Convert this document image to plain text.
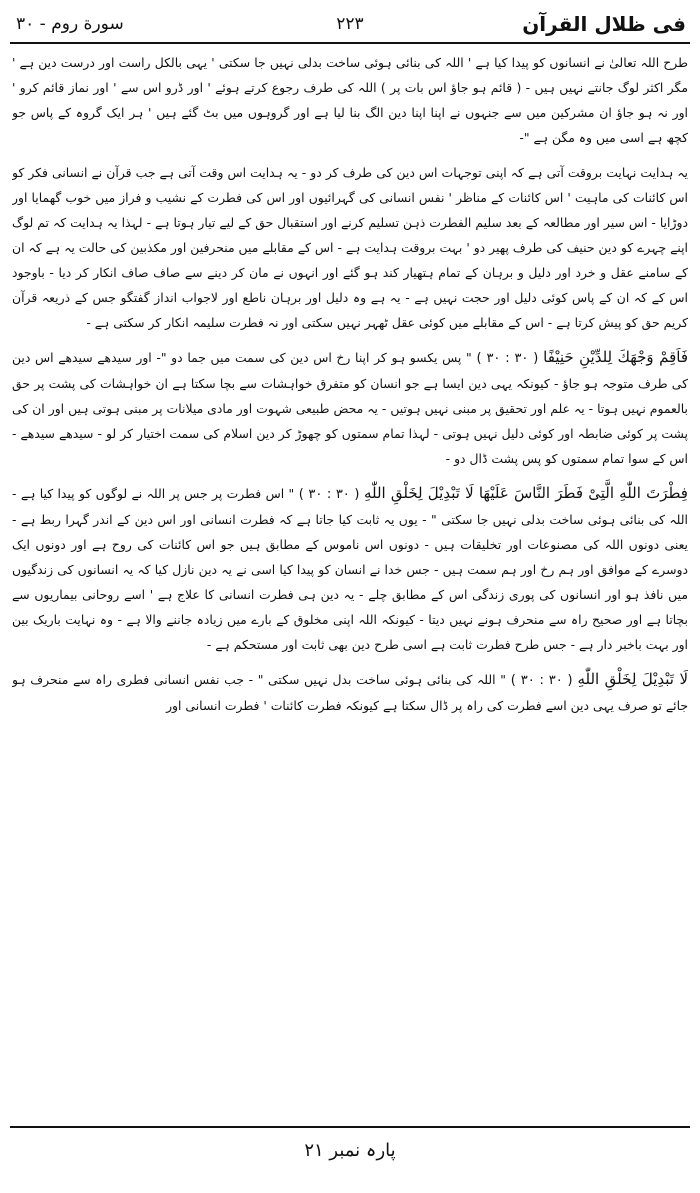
فی ظلال القرآن
۲۲۳
سورة روم - ۳۰

طرح اللہ تعالیٰ نے انسانوں کو پیدا کیا ہے ' اللہ کی بنائی ہوئی ساخت بدلی نہیں جا سکتی ' یہی بالکل راست اور درست دین ہے ' مگر اکثر لوگ جانتے نہیں ہیں - ( قائم ہو جاؤ اس بات پر ) اللہ کی طرف رجوع کرتے ہوئے ' اور ڈرو اس سے ' اور نماز قائم کرو ' اور نہ ہو جاؤ ان مشرکین میں سے جنہوں نے اپنا اپنا دین الگ بنا لیا ہے اور گروہوں میں بٹ گئے ہیں ' ہر ایک گروہ کے پاس جو کچھ ہے اسی میں وہ مگن ہے "-

یہ ہدایت نہایت بروقت آتی ہے کہ اپنی توجہات اس دین کی طرف کر دو - یہ ہدایت اس وقت آتی ہے جب قرآن نے انسانی فکر کو اس کائنات کی ماہیت ' اس کائنات کے مناظر ' نفس انسانی کی گہرائیوں اور اس کی فطرت کے نشیب و فراز میں خوب گھمایا اور دوڑایا - اس سیر اور مطالعہ کے بعد سلیم الفطرت ذہن تسلیم کرنے اور استقبال حق کے لیے تیار ہوتا ہے - لہذا یہ ہدایت کہ تم لوگ اپنے چہرے کو دین حنیف کی طرف پھیر دو ' بہت بروقت ہدایت ہے - اس کے مقابلے میں منحرفین اور مکذبین کی حالت یہ ہے کہ ان کے سامنے عقل و خرد اور دلیل و برہان کے تمام ہتھیار کند ہو گئے اور انہوں نے مان کر دینے سے صاف صاف انکار کر دیا - باوجود اس کے کہ ان کے پاس کوئی دلیل اور حجت نہیں ہے - یہ ہے وہ دلیل اور برہان ناطع اور لاجواب انداز گفتگو جس کے ذریعہ قرآن کریم حق کو پیش کرتا ہے - اس کے مقابلے میں کوئی عقل ٹھہر نہیں سکتی اور نہ فطرت سلیمہ انکار کر سکتی ہے -

فَاَقِمْ وَجْهَكَ لِلدِّيْنِ حَنِيْفًا ( ۳۰ : ۳۰ ) " پس یکسو ہو کر اپنا رخ اس دین کی سمت میں جما دو "- اور سیدھے سیدھے اس دین کی طرف متوجہ ہو جاؤ - کیونکہ یہی دین ایسا ہے جو انسان کو متفرق خواہشات سے بچا سکتا ہے ان خواہشات کی پشت پر حق بالعموم نہیں ہوتا - یہ علم اور تحقیق پر مبنی نہیں ہوتیں - یہ محض طبیعی شہوت اور مادی میلانات پر مبنی ہوتی ہیں اور ان کی پشت پر کوئی ضابطہ اور کوئی دلیل نہیں ہوتی - لہذا تمام سمتوں کو چھوڑ کر دین اسلام کی سمت اختیار کر لو - سیدھے سیدھے - اس کے سوا تمام سمتوں کو پس پشت ڈال دو -

فِطْرَتَ اللّٰهِ الَّتِىْ فَطَرَ النَّاسَ عَلَيْهَا لَا تَبْدِيْلَ لِخَلْقِ اللّٰهِ ( ۳۰ : ۳۰ ) " اس فطرت پر جس پر اللہ نے لوگوں کو پیدا کیا ہے - اللہ کی بنائی ہوئی ساخت بدلی نہیں جا سکتی " - یوں یہ ثابت کیا جاتا ہے کہ فطرت انسانی اور اس دین کے اندر گہرا ربط ہے - یعنی دونوں اللہ کی مصنوعات اور تخلیقات ہیں - دونوں اس ناموس کے مطابق ہیں جو اس کائنات کی روح ہے اور دونوں ایک دوسرے کے موافق اور ہم رخ اور ہم سمت ہیں - جس خدا نے انسان کو پیدا کیا اسی نے یہ دین نازل کیا کہ یہ انسانوں کی زندگیوں میں نافذ ہو اور انسانوں کی پوری زندگی اس کے مطابق چلے - یہ دین ہی فطرت انسانی کا علاج ہے ' اسے روحانی بیماریوں سے بچاتا ہے اور صحیح راہ سے منحرف ہونے نہیں دیتا - کیونکہ اللہ اپنی مخلوق کے بارے میں زیادہ جاننے والا ہے - وہ نہایت باریک بین اور بہت باخبر دار ہے - جس طرح فطرت ثابت ہے اسی طرح دین بھی ثابت اور مستحکم ہے -

لَا تَبْدِيْلَ لِخَلْقِ اللّٰهِ ( ۳۰ : ۳۰ ) " اللہ کی بنائی ہوئی ساخت بدل نہیں سکتی " - جب نفس انسانی فطری راہ سے منحرف ہو جائے تو صرف یہی دین اسے فطرت کی راہ پر ڈال سکتا ہے کیونکہ فطرت کائنات ' فطرت انسانی اور

پارہ نمبر ۲۱
